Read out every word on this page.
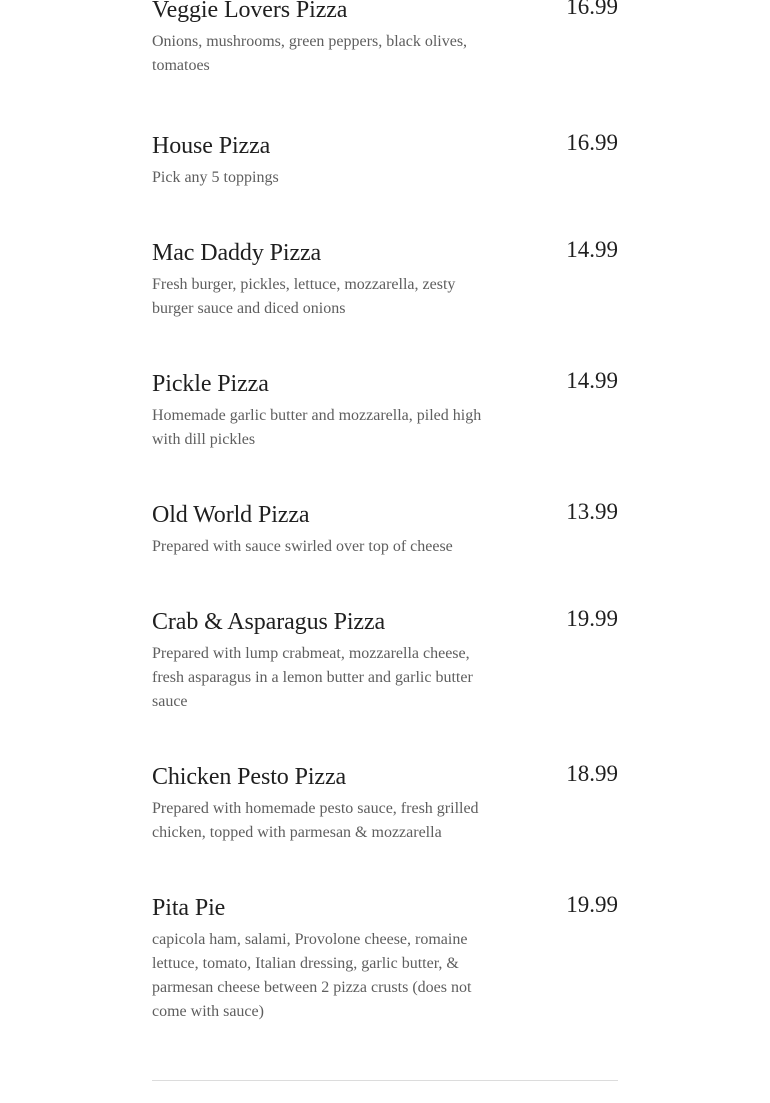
Veggie Lovers Pizza	16.99

Onions, mushrooms, green peppers, black olives, tomatoes

House Pizza	16.99

Pick any 5 toppings

Mac Daddy Pizza	14.99

Fresh burger, pickles, lettuce, mozzarella, zesty burger sauce and diced onions

Pickle Pizza	14.99

Homemade garlic butter and mozzarella, piled high with dill pickles

Old World Pizza	13.99

Prepared with sauce swirled over top of cheese

Crab & Asparagus Pizza	19.99

Prepared with lump crabmeat, mozzarella cheese, fresh asparagus in a lemon butter and garlic butter sauce

Chicken Pesto Pizza	18.99

Prepared with homemade pesto sauce, fresh grilled chicken, topped with parmesan & mozzarella

Pita Pie	19.99

capicola ham, salami, Provolone cheese, romaine lettuce, tomato, Italian dressing, garlic butter, & parmesan cheese between 2 pizza crusts (does not come with sauce)
